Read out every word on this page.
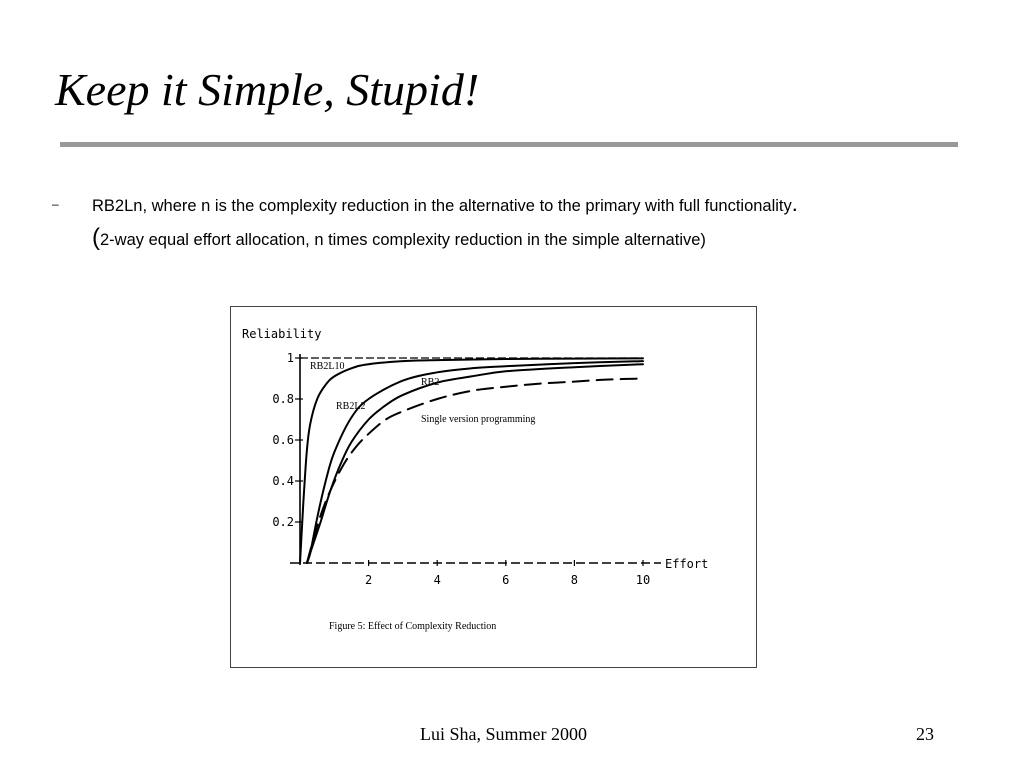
Keep it Simple, Stupid!
– RB2Ln, where n is the complexity reduction in the alternative to the primary with full functionality.
(2-way equal effort allocation, n times complexity reduction in the simple alternative)
Reliability
Effort
0.2
0.4
0.6
0.8
1
2	4	6	8	10
RB2L10
RB2
RB2L2
Single version programming
Figure 5: Effect of Complexity Reduction
Lui Sha, Summer 2000	23
